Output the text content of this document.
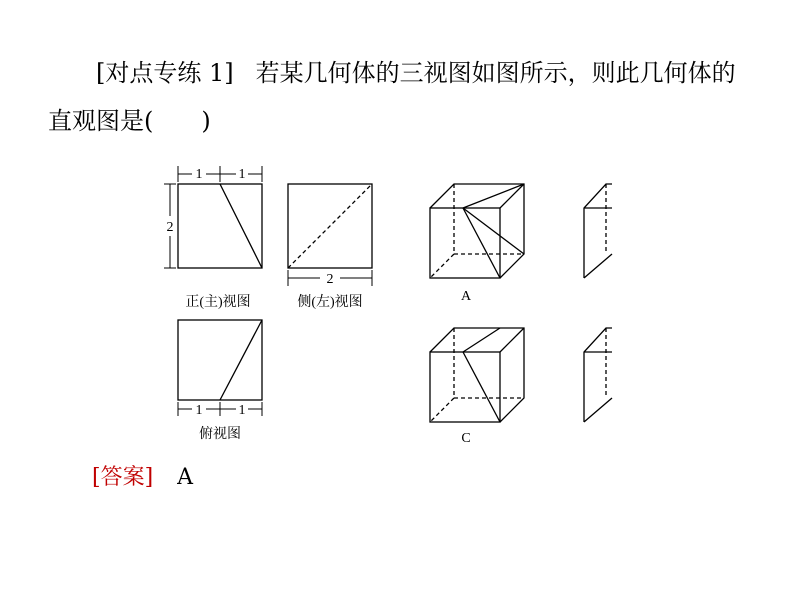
[对点专练 1] 若某几何体的三视图如图所示，则此几何体的
直观图是(　　)
1	1
2
2
1	1
正(主)视图	侧(左)视图
俯视图
A
C
[答案] A
